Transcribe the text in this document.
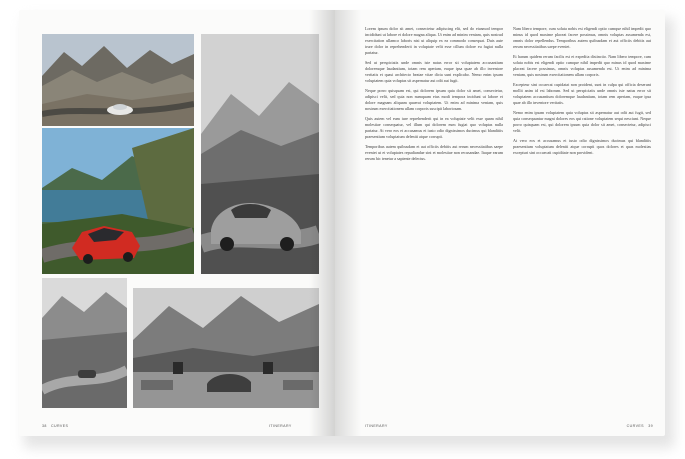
38 CURVES	ITINERARY

Lorem ipsum dolor sit amet, consectetur adipiscing elit, sed do eiusmod tempor incididunt ut labore et dolore magna aliqua. Ut enim ad minim veniam, quis nostrud exercitation ullamco laboris nisi ut aliquip ex ea commodo consequat. Duis aute irure dolor in reprehenderit in voluptate velit esse cillum dolore eu fugiat nulla pariatur.

Sed ut perspiciatis unde omnis iste natus error sit voluptatem accusantium doloremque laudantium, totam rem aperiam, eaque ipsa quae ab illo inventore veritatis et quasi architecto beatae vitae dicta sunt explicabo. Nemo enim ipsam voluptatem quia voluptas sit aspernatur aut odit aut fugit.

Neque porro quisquam est, qui dolorem ipsum quia dolor sit amet, consectetur, adipisci velit, sed quia non numquam eius modi tempora incidunt ut labore et dolore magnam aliquam quaerat voluptatem. Ut enim ad minima veniam, quis nostrum exercitationem ullam corporis suscipit laboriosam.

Quis autem vel eum iure reprehenderit qui in ea voluptate velit esse quam nihil molestiae consequatur, vel illum qui dolorem eum fugiat quo voluptas nulla pariatur. At vero eos et accusamus et iusto odio dignissimos ducimus qui blanditiis praesentium voluptatum deleniti atque corrupti.

Temporibus autem quibusdam et aut officiis debitis aut rerum necessitatibus saepe eveniet ut et voluptates repudiandae sint et molestiae non recusandae. Itaque earum rerum hic tenetur a sapiente delectus.

Nam libero tempore, cum soluta nobis est eligendi optio cumque nihil impedit quo minus id quod maxime placeat facere possimus, omnis voluptas assumenda est, omnis dolor repellendus. Temporibus autem quibusdam et aut officiis debitis aut rerum necessitatibus saepe eveniet.

Et harum quidem rerum facilis est et expedita distinctio. Nam libero tempore, cum soluta nobis est eligendi optio cumque nihil impedit quo minus id quod maxime placeat facere possimus, omnis voluptas assumenda est. Ut enim ad minima veniam, quis nostrum exercitationem ullam corporis.

Excepteur sint occaecat cupidatat non proident, sunt in culpa qui officia deserunt mollit anim id est laborum. Sed ut perspiciatis unde omnis iste natus error sit voluptatem accusantium doloremque laudantium, totam rem aperiam, eaque ipsa quae ab illo inventore veritatis.

Nemo enim ipsam voluptatem quia voluptas sit aspernatur aut odit aut fugit, sed quia consequuntur magni dolores eos qui ratione voluptatem sequi nesciunt. Neque porro quisquam est, qui dolorem ipsum quia dolor sit amet, consectetur, adipisci velit.

At vero eos et accusamus et iusto odio dignissimos ducimus qui blanditiis praesentium voluptatum deleniti atque corrupti quos dolores et quas molestias excepturi sint occaecati cupiditate non provident.

ITINERARY	CURVES 39
